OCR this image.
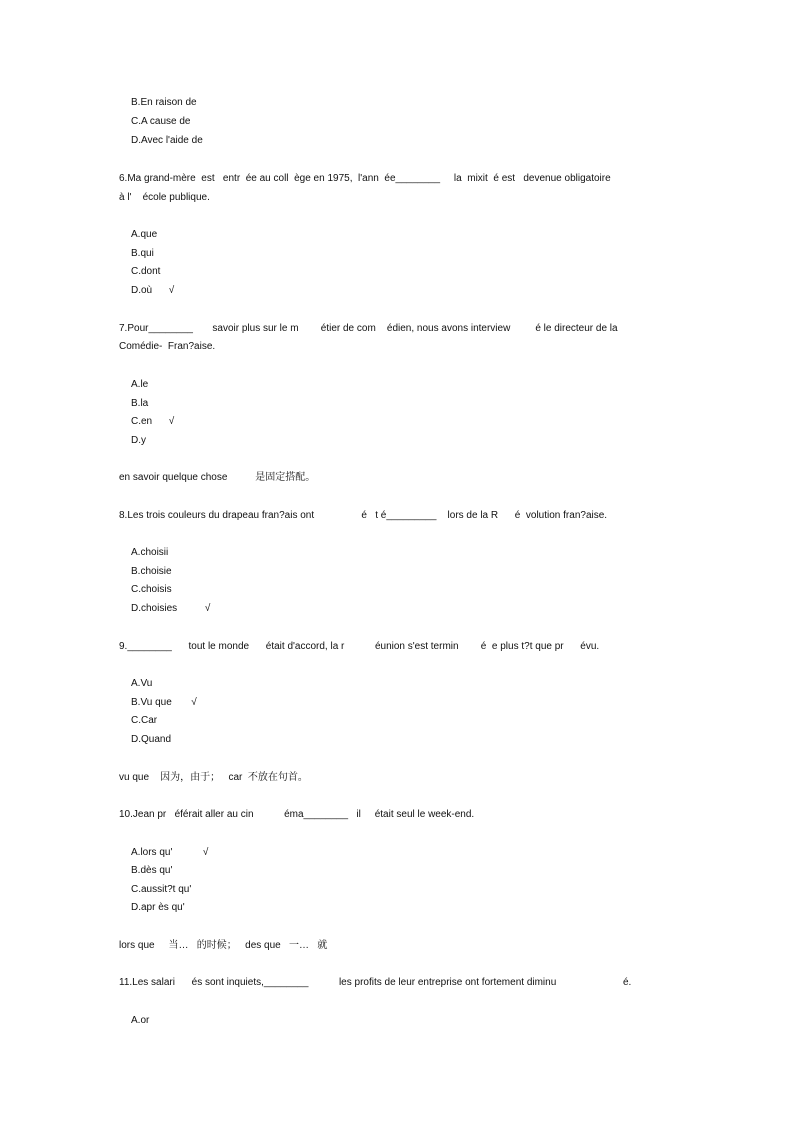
B.En raison de
C.A cause de
D.Avec l'aide de
6.Ma grand-mère  est   entr  ée au coll  ège en 1975,  l'ann  ée________     la  mixit  é est   devenue obligatoire
à l'    école publique.
A.que
B.qui
C.dont
D.où      √
7.Pour________       savoir plus sur le m        étier de com    édien, nous avons interview         é le directeur de la
Comédie-  Fran?aise.
A.le
B.la
C.en      √
D.y
en savoir quelque chose          是固定搭配。
8.Les trois couleurs du drapeau fran?ais ont                 é   t é_________    lors de la R      é  volution fran?aise.
A.choisii
B.choisie
C.choisis
D.choisies          √
9.________      tout le monde      était d'accord, la r           éunion s'est termin        é  e plus t?t que pr      évu.
A.Vu
B.Vu que       √
C.Car
D.Quand
vu que    因为，由于；   car  不放在句首。
10.Jean pr   éférait aller au cin           éma________   il     était seul le week-end.
A.lors qu'           √
B.dès qu'
C.aussit?t qu'
D.apr ès qu'
lors que     当…   的时候；   des que   一…   就
11.Les salari      és sont inquiets,________           les profits de leur entreprise ont fortement diminu                        é.
A.or
